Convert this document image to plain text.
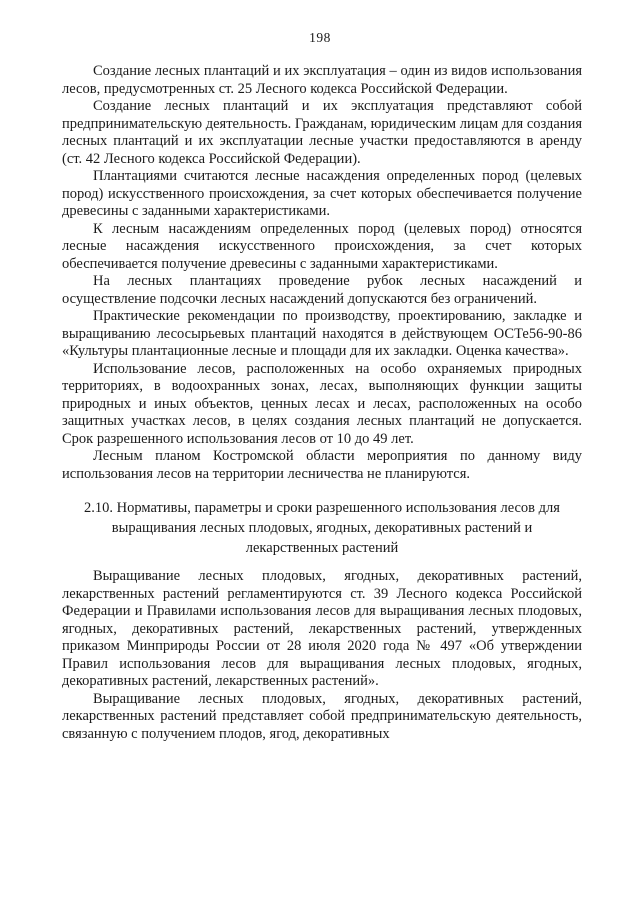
198

Создание лесных плантаций и их эксплуатация – один из видов использования лесов, предусмотренных ст. 25 Лесного кодекса Российской Федерации.

Создание лесных плантаций и их эксплуатация представляют собой предпринимательскую деятельность. Гражданам, юридическим лицам для создания лесных плантаций и их эксплуатации лесные участки предоставляются в аренду (ст. 42 Лесного кодекса Российской Федерации).

Плантациями считаются лесные насаждения определенных пород (целевых пород) искусственного происхождения, за счет которых обеспечивается получение древесины с заданными характеристиками.

К лесным насаждениям определенных пород (целевых пород) относятся лесные насаждения искусственного происхождения, за счет которых обеспечивается получение древесины с заданными характеристиками.

На лесных плантациях проведение рубок лесных насаждений и осуществление подсочки лесных насаждений допускаются без ограничений.

Практические рекомендации по производству, проектированию, закладке и выращиванию лесосырьевых плантаций находятся в действующем ОСТе56-90-86 «Культуры плантационные лесные и площади для их закладки. Оценка качества».

Использование лесов, расположенных на особо охраняемых природных территориях, в водоохранных зонах, лесах, выполняющих функции защиты природных и иных объектов, ценных лесах и лесах, расположенных на особо защитных участках лесов, в целях создания лесных плантаций не допускается. Срок разрешенного использования лесов от 10 до 49 лет.

Лесным планом Костромской области мероприятия по данному виду использования лесов на территории лесничества не планируются.

2.10. Нормативы, параметры и сроки разрешенного использования лесов для выращивания лесных плодовых, ягодных, декоративных растений и лекарственных растений

Выращивание лесных плодовых, ягодных, декоративных растений, лекарственных растений регламентируются ст. 39 Лесного кодекса Российской Федерации и Правилами использования лесов для выращивания лесных плодовых, ягодных, декоративных растений, лекарственных растений, утвержденных приказом Минприроды России от 28 июля 2020 года № 497 «Об утверждении Правил использования лесов для выращивания лесных плодовых, ягодных, декоративных растений, лекарственных растений».

Выращивание лесных плодовых, ягодных, декоративных растений, лекарственных растений представляет собой предпринимательскую деятельность, связанную с получением плодов, ягод, декоративных
